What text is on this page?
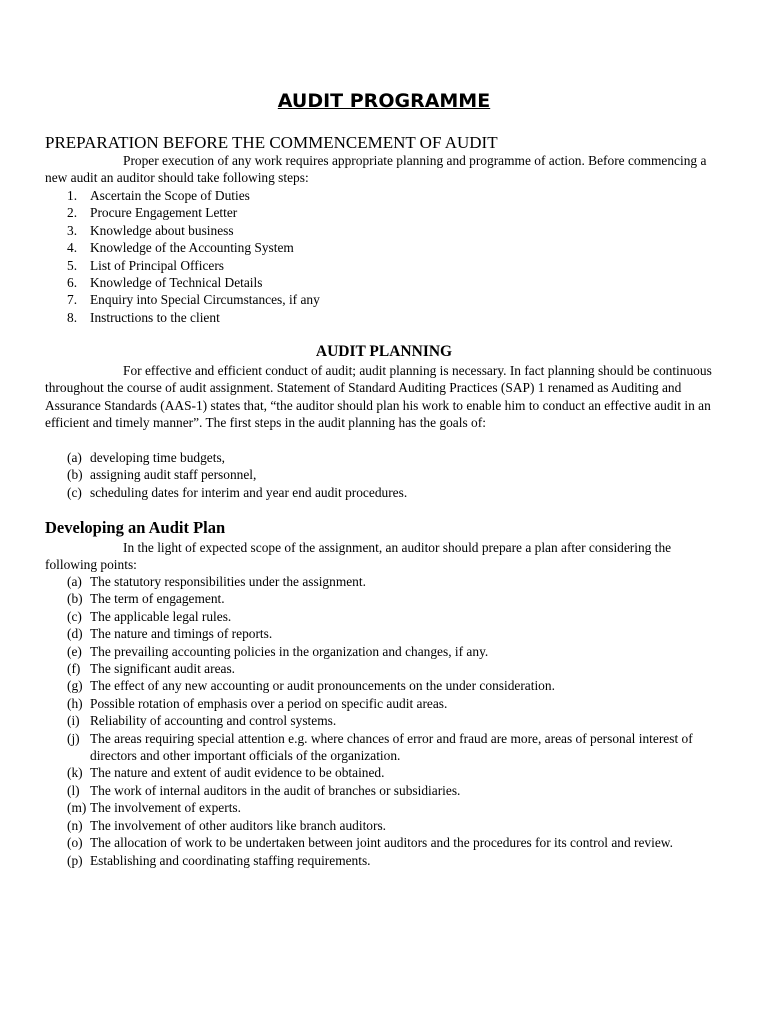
AUDIT PROGRAMME
PREPARATION BEFORE THE COMMENCEMENT OF AUDIT

Proper execution of any work requires appropriate planning and programme of action. Before commencing a new audit an auditor should take following steps:

1. Ascertain the Scope of Duties
2. Procure Engagement Letter
3. Knowledge about business
4. Knowledge of the Accounting System
5. List of Principal Officers
6. Knowledge of Technical Details
7. Enquiry into Special Circumstances, if any
8. Instructions to the client
AUDIT PLANNING

For effective and efficient conduct of audit; audit planning is necessary. In fact planning should be continuous throughout the course of audit assignment. Statement of Standard Auditing Practices (SAP) 1 renamed as Auditing and Assurance Standards (AAS-1) states that, “the auditor should plan his work to enable him to conduct an effective audit in an efficient and timely manner”. The first steps in the audit planning has the goals of:

(a) developing time budgets,
(b) assigning audit staff personnel,
(c) scheduling dates for interim and year end audit procedures.
Developing an Audit Plan

In the light of expected scope of the assignment, an auditor should prepare a plan after considering the following points:

(a) The statutory responsibilities under the assignment.
(b) The term of engagement.
(c) The applicable legal rules.
(d) The nature and timings of reports.
(e) The prevailing accounting policies in the organization and changes, if any.
(f) The significant audit areas.
(g) The effect of any new accounting or audit pronouncements on the under consideration.
(h) Possible rotation of emphasis over a period on specific audit areas.
(i) Reliability of accounting and control systems.
(j) The areas requiring special attention e.g. where chances of error and fraud are more, areas of personal interest of directors and other important officials of the organization.
(k) The nature and extent of audit evidence to be obtained.
(l) The work of internal auditors in the audit of branches or subsidiaries.
(m) The involvement of experts.
(n) The involvement of other auditors like branch auditors.
(o) The allocation of work to be undertaken between joint auditors and the procedures for its control and review.
(p) Establishing and coordinating staffing requirements.
